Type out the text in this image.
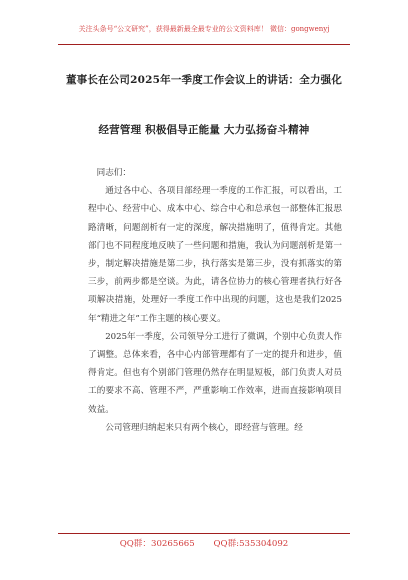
关注头条号“公文研究”，获得最新最全最专业的公文资料库！ 微信：gongwenyj
董事长在公司2025年一季度工作会议上的讲话：全力强化
经营管理 积极倡导正能量 大力弘扬奋斗精神

同志们：

通过各中心、各项目部经理一季度的工作汇报，可以看出，工程中心、经营中心、成本中心、综合中心和总承包一部整体汇报思路清晰，问题剖析有一定的深度，解决措施明了，值得肯定。其他部门也不同程度地反映了一些问题和措施，我认为问题剖析是第一步，制定解决措施是第二步，执行落实是第三步，没有抓落实的第三步，前两步都是空谈。为此，请各位协力的核心管理者执行好各项解决措施，处理好一季度工作中出现的问题，这也是我们2025年“精进之年”工作主题的核心要义。

2025年一季度，公司领导分工进行了微调，个别中心负责人作了调整。总体来看，各中心内部管理都有了一定的提升和进步，值得肯定。但也有个别部门管理仍然存在明显短板，部门负责人对员工的要求不高、管理不严，严重影响工作效率，进而直接影响项目效益。

公司管理归纳起来只有两个核心，即经营与管理。经

QQ群：30265665 QQ群:535304092
